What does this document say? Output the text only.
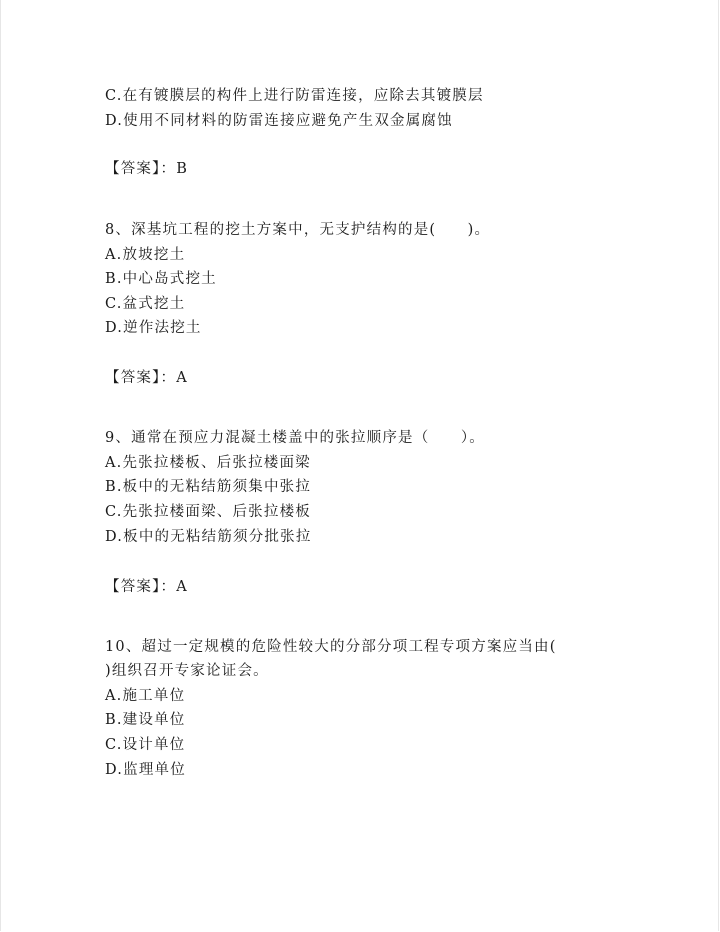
C.在有镀膜层的构件上进行防雷连接，应除去其镀膜层
D.使用不同材料的防雷连接应避免产生双金属腐蚀
【答案】：B
8、深基坑工程的挖土方案中，无支护结构的是(　　)。
A.放坡挖土
B.中心岛式挖土
C.盆式挖土
D.逆作法挖土
【答案】：A
9、通常在预应力混凝土楼盖中的张拉顺序是（　　）。
A.先张拉楼板、后张拉楼面梁
B.板中的无粘结筋须集中张拉
C.先张拉楼面梁、后张拉楼板
D.板中的无粘结筋须分批张拉
【答案】：A
10、超过一定规模的危险性较大的分部分项工程专项方案应当由(
)组织召开专家论证会。
A.施工单位
B.建设单位
C.设计单位
D.监理单位
